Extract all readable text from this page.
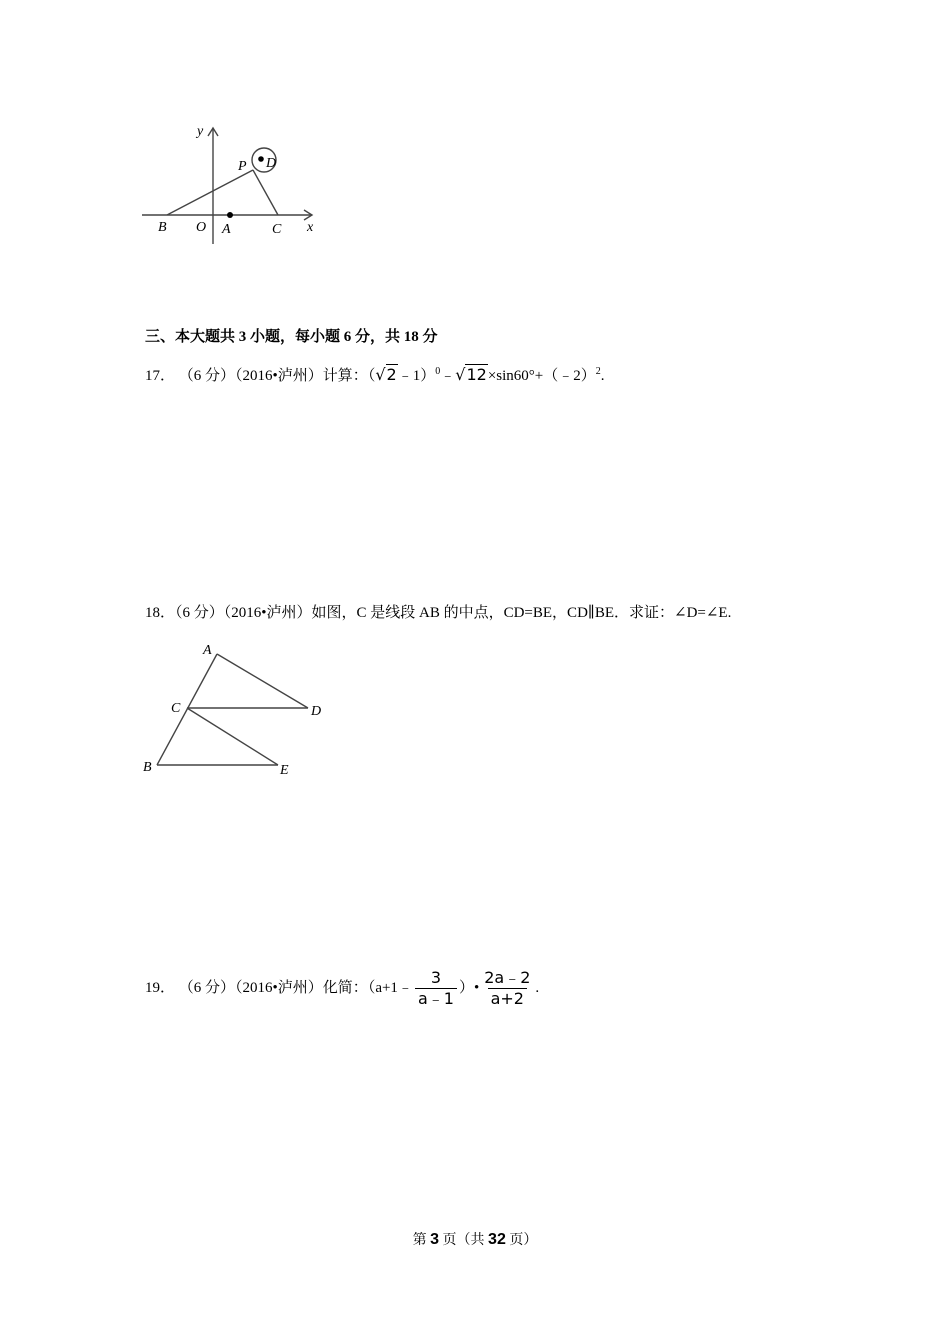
y
P D
B O A	C x
三、本大题共 3 小题，每小题 6 分，共 18 分
17． （6 分）（2016•泸州）计算：（√2﹣1）$^0$﹣√12×sin60°+（﹣2）$^2$.
18．（6 分）（2016•泸州）如图，C 是线段 AB 的中点，CD=BE，CD∥BE．求证：∠D=∠E.
A
C	D
B	E
19． （6 分）（2016•泸州）化简：（a+1﹣ $\frac{3}{a﹣1}$ ）• $\frac{2a﹣2}{a+2}$ .
第 3 页（共 32 页）
